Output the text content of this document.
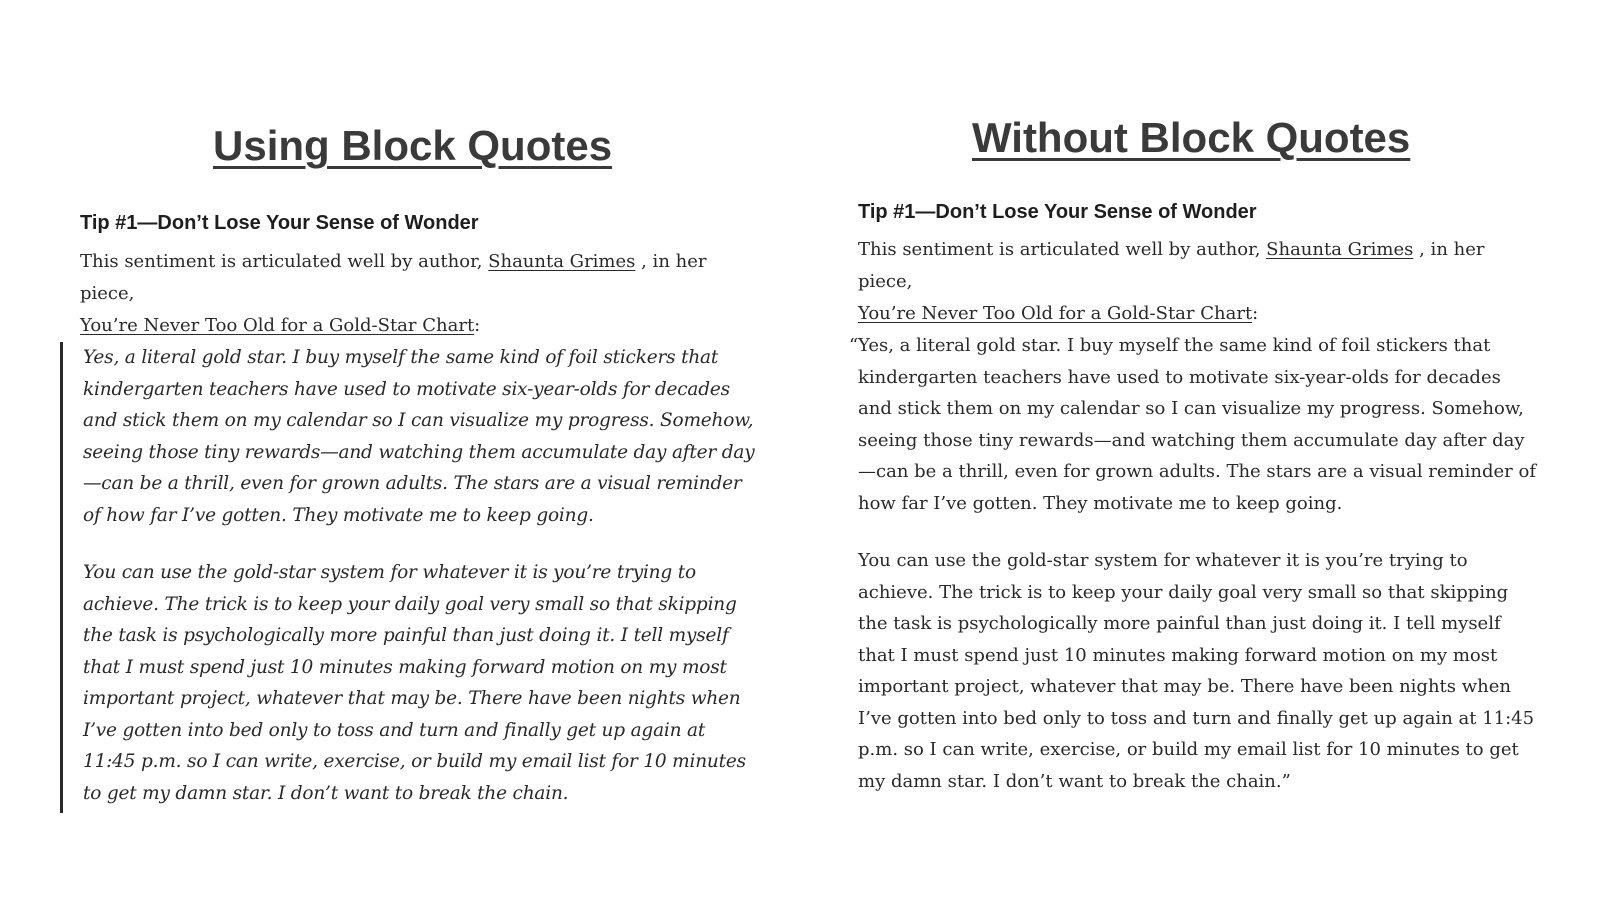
Using Block Quotes
Tip #1—Don’t Lose Your Sense of Wonder

This sentiment is articulated well by author, Shaunta Grimes , in her piece,
You’re Never Too Old for a Gold-Star Chart:

Yes, a literal gold star. I buy myself the same kind of foil stickers that kindergarten teachers have used to motivate six-year-olds for decades and stick them on my calendar so I can visualize my progress. Somehow, seeing those tiny rewards—and watching them accumulate day after day—can be a thrill, even for grown adults. The stars are a visual reminder of how far I’ve gotten. They motivate me to keep going.

You can use the gold-star system for whatever it is you’re trying to achieve. The trick is to keep your daily goal very small so that skipping the task is psychologically more painful than just doing it. I tell myself that I must spend just 10 minutes making forward motion on my most important project, whatever that may be. There have been nights when I’ve gotten into bed only to toss and turn and finally get up again at 11:45 p.m. so I can write, exercise, or build my email list for 10 minutes to get my damn star. I don’t want to break the chain.

Without Block Quotes
Tip #1—Don’t Lose Your Sense of Wonder

This sentiment is articulated well by author, Shaunta Grimes , in her piece,
You’re Never Too Old for a Gold-Star Chart:

“ Yes, a literal gold star. I buy myself the same kind of foil stickers that kindergarten teachers have used to motivate six-year-olds for decades and stick them on my calendar so I can visualize my progress. Somehow, seeing those tiny rewards—and watching them accumulate day after day—can be a thrill, even for grown adults. The stars are a visual reminder of how far I’ve gotten. They motivate me to keep going.

You can use the gold-star system for whatever it is you’re trying to achieve. The trick is to keep your daily goal very small so that skipping the task is psychologically more painful than just doing it. I tell myself that I must spend just 10 minutes making forward motion on my most important project, whatever that may be. There have been nights when I’ve gotten into bed only to toss and turn and finally get up again at 11:45 p.m. so I can write, exercise, or build my email list for 10 minutes to get my damn star. I don’t want to break the chain.”
